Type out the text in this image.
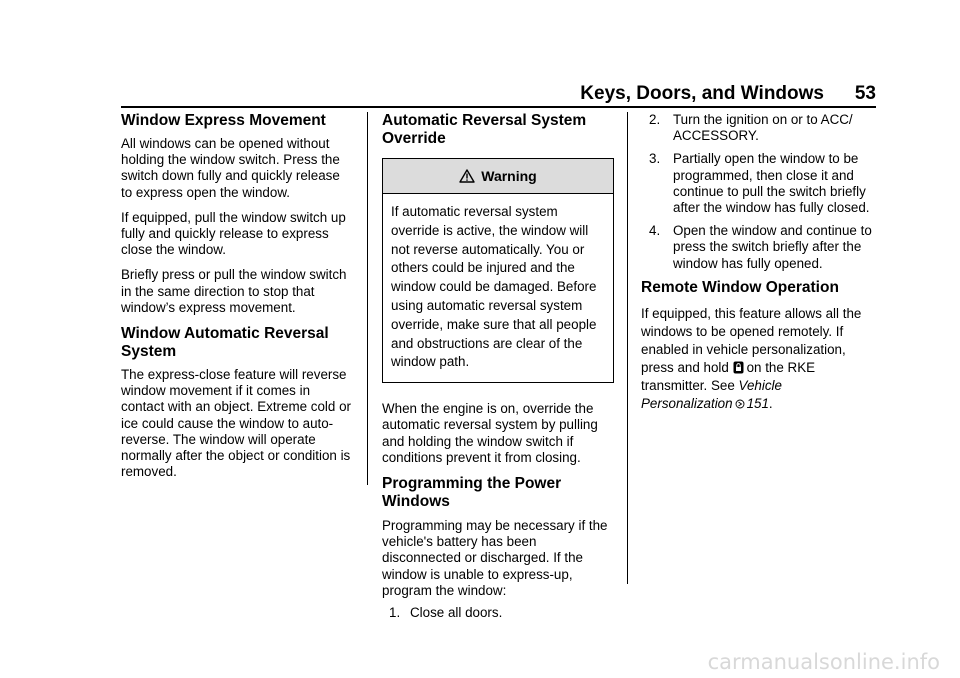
Keys, Doors, and Windows 53
Window Express Movement

All windows can be opened without holding the window switch. Press the switch down fully and quickly release to express open the window.

If equipped, pull the window switch up fully and quickly release to express close the window.

Briefly press or pull the window switch in the same direction to stop that window’s express movement.

Window Automatic Reversal System

The express-close feature will reverse window movement if it comes in contact with an object. Extreme cold or ice could cause the window to auto-reverse. The window will operate normally after the object or condition is removed.

Automatic Reversal System Override
Warning
If automatic reversal system override is active, the window will not reverse automatically. You or others could be injured and the window could be damaged. Before using automatic reversal system override, make sure that all people and obstructions are clear of the window path.

When the engine is on, override the automatic reversal system by pulling and holding the window switch if conditions prevent it from closing.

Programming the Power Windows

Programming may be necessary if the vehicle's battery has been disconnected or discharged. If the window is unable to express-up, program the window:

1. Close all doors.
2. Turn the ignition on or to ACC/ ACCESSORY.
3. Partially open the window to be programmed, then close it and continue to pull the switch briefly after the window has fully closed.
4. Open the window and continue to press the switch briefly after the window has fully opened.
Remote Window Operation

If equipped, this feature allows all the windows to be opened remotely. If enabled in vehicle personalization, press and hold on the RKE transmitter. See Vehicle Personalization 151.

carmanualsonline.info
